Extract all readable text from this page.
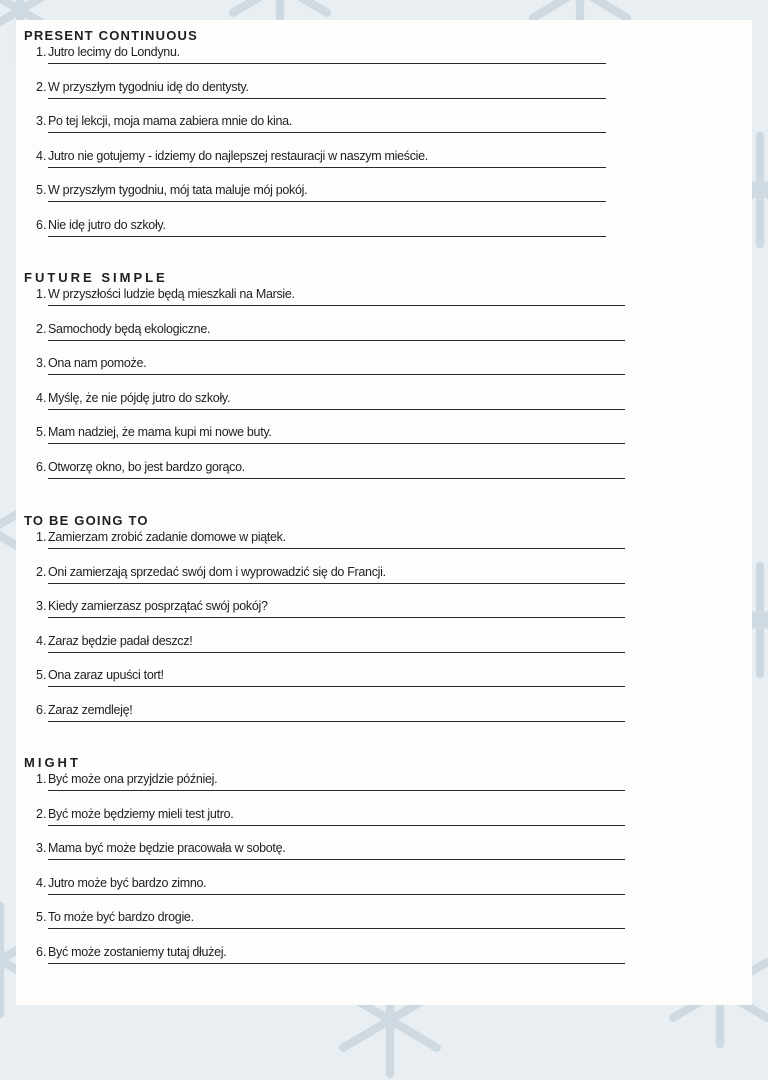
PRESENT CONTINUOUS
1. Jutro lecimy do Londynu.
2. W przyszłym tygodniu idę do dentysty.
3. Po tej lekcji, moja mama zabiera mnie do kina.
4. Jutro nie gotujemy - idziemy do najlepszej restauracji w naszym mieście.
5. W przyszłym tygodniu, mój tata maluje mój pokój.
6. Nie idę jutro do szkoły.
FUTURE SIMPLE
1. W przyszłości ludzie będą mieszkali na Marsie.
2. Samochody będą ekologiczne.
3. Ona nam pomoże.
4. Myślę, że nie pójdę jutro do szkoły.
5. Mam nadziej, że mama kupi mi nowe buty.
6. Otworzę okno, bo jest bardzo gorąco.
TO BE GOING TO
1. Zamierzam zrobić zadanie domowe w piątek.
2. Oni zamierzają sprzedać swój dom i wyprowadzić się do Francji.
3. Kiedy zamierzasz posprzątać swój pokój?
4. Zaraz będzie padał deszcz!
5. Ona zaraz upuści tort!
6. Zaraz zemdleję!
MIGHT
1. Być może ona przyjdzie później.
2. Być może będziemy mieli test jutro.
3. Mama być może będzie pracowała w sobotę.
4. Jutro może być bardzo zimno.
5. To może być bardzo drogie.
6. Być może zostaniemy tutaj dłużej.
